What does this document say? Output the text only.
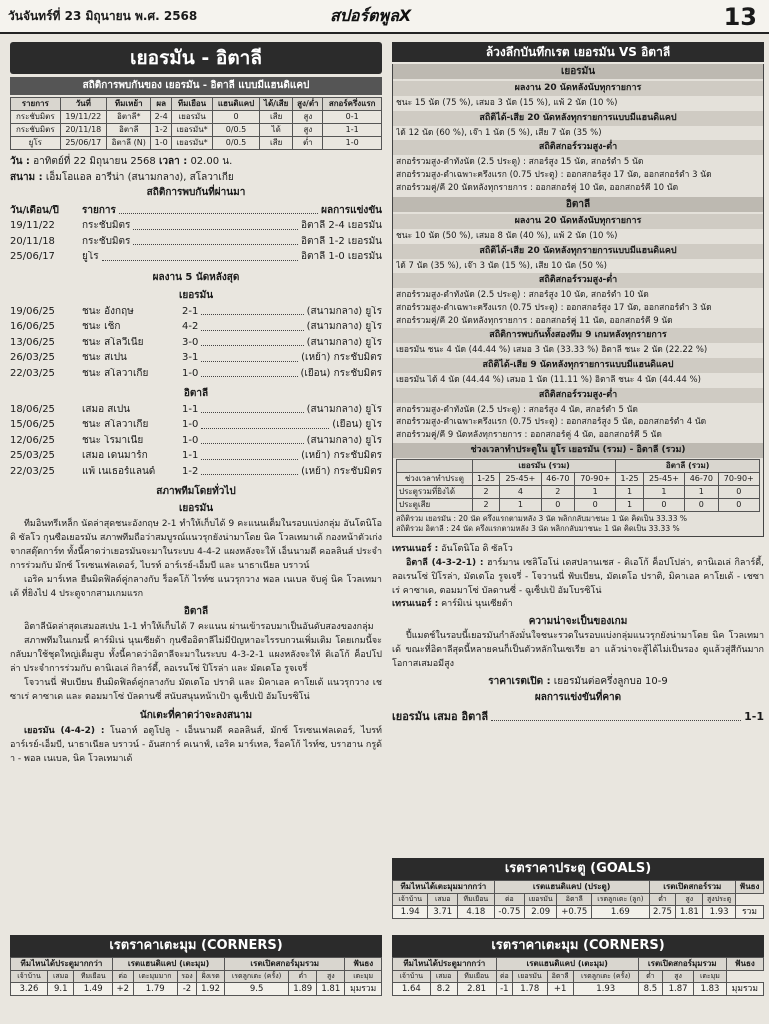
วันจันทร์ที่ 23 มิถุนายน พ.ศ. 2568	สปอร์ตพูลX	13
เยอรมัน - อิตาลี
สถิติการพบกันของ เยอรมัน - อิตาลี แบบมีแฮนดิแคป
รายการ	วันที่	ทีมเหย้า	ผล	ทีมเยือน	แฮนดิแคป	ได้/เสีย	สูง/ต่ำ	สกอร์ครึ่งแรก
กระชับมิตร	19/11/22	อิตาลี*	2-4	เยอรมัน	0	เสีย	สูง	0-1
กระชับมิตร	20/11/18	อิตาลี	1-2	เยอรมัน*	0/0.5	ได้	สูง	1-1
ยูโร	25/06/17	อิตาลี (N)	1-0	เยอรมัน*	0/0.5	เสีย	ต่ำ	1-0
วัน : อาทิตย์ที่ 22 มิถุนายน 2568 เวลา : 02.00 น.
สนาม : เอ็มโอแอล อารีน่า (สนามกลาง), สโลวาเกีย
สถิติการพบกันที่ผ่านมา
วัน/เดือน/ปี	รายการ	ผลการแข่งขัน
19/11/22	กระชับมิตร	อิตาลี 2-4 เยอรมัน
20/11/18	กระชับมิตร	อิตาลี 1-2 เยอรมัน
25/06/17	ยูโร	อิตาลี 1-0 เยอรมัน
ผลงาน 5 นัดหลังสุด
เยอรมัน
19/06/25	ชนะ อังกฤษ	2-1	(สนามกลาง) ยูโร
16/06/25	ชนะ เช็ก	4-2	(สนามกลาง) ยูโร
13/06/25	ชนะ สโลวีเนีย	3-0	(สนามกลาง) ยูโร
26/03/25	ชนะ สเปน	3-1	(เหย้า) กระชับมิตร
22/03/25	ชนะ สโลวาเกีย	1-0	(เยือน) กระชับมิตร
อิตาลี
18/06/25	เสมอ สเปน	1-1	(สนามกลาง) ยูโร
15/06/25	ชนะ สโลวาเกีย	1-0	(เยือน) ยูโร
12/06/25	ชนะ โรมาเนีย	1-0	(สนามกลาง) ยูโร
25/03/25	เสมอ เดนมาร์ก	1-1	(เหย้า) กระชับมิตร
22/03/25	แพ้ เนเธอร์แลนด์	1-2	(เหย้า) กระชับมิตร
สภาพทีมโดยทั่วไป
เยอรมัน

ทีมอินทรีเหล็ก นัดล่าสุดชนะอังกฤษ 2-1 ทำให้เก็บได้ 9 คะแนนเต็มในรอบแบ่งกลุ่ม อันโตนิโอ ดิ ซัลโว กุนซือเยอรมัน สภาพทีมถือว่าสมบูรณ์แนวรุกยังน่ามาโดย นิค โวลเทมาเด้ กองหน้าตัวเก่งจากสตุ๊ตการ์ท ทั้งนี้คาดว่าเยอรมันจะมาในระบบ 4-4-2 แผงหลังจะให้ เอ็นนามดี คอลลินส์ ประจำการร่วมกับ มักซ์ โรเซนเฟลเดอร์, ไบรท์ อาร์เรย์-เอ็มบี และ นาธาเนียล บราวน์

เอริค มาร์เทล ยืนมิดฟิลด์คู่กลางกับ ร็อคโก้ ไรท์ซ แนวรุกวาง พอล เนเบล จับคู่ นิค โวลเทมาเด้ ที่ยิงไป 4 ประตูจากสามเกมแรก

อิตาลี

อิตาลีนัดล่าสุดเสมอสเปน 1-1 ทำให้เก็บได้ 7 คะแนน ผ่านเข้ารอบมาเป็นอันดับสองของกลุ่ม

สภาพทีมในเกมนี้ คาร์มิเน่ นุนเซียต้า กุนซืออิตาลีไม่มีปัญหาอะไรรบกวนเพิ่มเติม โดยเกมนี้จะกลับมาใช้ชุดใหญ่เต็มสูบ ทั้งนี้คาดว่าอิตาลีจะมาในระบบ 4-3-2-1 แผงหลังจะให้ ดิเอโก้ ค็อปโปล่า ประจำการร่วมกับ ดานิเอเล่ กิลาร์ดี้, ลอเรนโซ่ ปิโรล่า และ มัตเตโอ รูจเจรี่

โจวานนี่ ฟับเบียน ยืนมิดฟิลด์คู่กลางกับ มัตเตโอ ปราติ และ มิคาเอล คาโยเด้ แนวรุกวาง เชซาเร่ คาซาเด และ ตอมมาโซ่ บัลดานซี่ สนับสนุนหน้าเป้า ฉูเซ็ปเป้ อัมโบรซิโน่

นักเตะที่คาดว่าจะลงสนาม

เยอรมัน (4-4-2) : โนอาห์ อตูโปลู - เอ็นนามดี คอลลินส์, มักซ์ โรเซนเฟลเดอร์, ไบรท์ อาร์เรย์-เอ็มบี, นาธาเนียล บราวน์ - อันสการ์ คเนาฟ์, เอริค มาร์เทล, ร็อคโก้ ไรท์ซ, บราฮาน กรูด้า - พอล เนเบล, นิค โวลเทมาเด้

เรตราคาเตะมุม (CORNERS)
ทีมไหนได้ประตูมากกว่า			เรตแฮนดิแคป (เตะมุม)				เรตเปิดสกอร์มุมรวม			ฟันธง
เจ้าบ้าน	เสมอ	ทีมเยือน	ต่อ	เตะมุมมาก	รอง	ฝั่งเรต	เรตลูกเตะ (ครั้ง)	ต่ำ	สูง	เตะมุม
3.26	9.1	1.49	+2	1.79	-2	1.92	9.5	1.89	1.81	มุมรวม
ล้วงลึกบันทึกเรต เยอรมัน VS อิตาลี
เยอรมัน
ผลงาน 20 นัดหลังนับทุกรายการ
ชนะ 15 นัด (75 %), เสมอ 3 นัด (15 %), แพ้ 2 นัด (10 %)
สถิติได้-เสีย 20 นัดหลังทุกรายการแบบมีแฮนดิแคป
ได้ 12 นัด (60 %), เจ๊า 1 นัด (5 %), เสีย 7 นัด (35 %)
สถิติสกอร์รวมสูง-ต่ำ
สกอร์รวมสูง-ต่ำทั้งนัด (2.5 ประตู) : สกอร์สูง 15 นัด, สกอร์ต่ำ 5 นัด
สกอร์รวมสูง-ต่ำเฉพาะครึ่งแรก (0.75 ประตู) : ออกสกอร์สูง 17 นัด, ออกสกอร์ต่ำ 3 นัด
สกอร์รวมคู่/คี่ 20 นัดหลังทุกรายการ : ออกสกอร์คู่ 10 นัด, ออกสกอร์คี่ 10 นัด
อิตาลี
ผลงาน 20 นัดหลังนับทุกรายการ
ชนะ 10 นัด (50 %), เสมอ 8 นัด (40 %), แพ้ 2 นัด (10 %)
สถิติได้-เสีย 20 นัดหลังทุกรายการแบบมีแฮนดิแคป
ได้ 7 นัด (35 %), เจ๊า 3 นัด (15 %), เสีย 10 นัด (50 %)
สถิติสกอร์รวมสูง-ต่ำ
สกอร์รวมสูง-ต่ำทั้งนัด (2.5 ประตู) : สกอร์สูง 10 นัด, สกอร์ต่ำ 10 นัด
สกอร์รวมสูง-ต่ำเฉพาะครึ่งแรก (0.75 ประตู) : ออกสกอร์สูง 17 นัด, ออกสกอร์ต่ำ 3 นัด
สกอร์รวมคู่/คี่ 20 นัดหลังทุกรายการ : ออกสกอร์คู่ 11 นัด, ออกสกอร์คี่ 9 นัด
สถิติการพบกันทั้งสองทีม 9 เกมหลังทุกรายการ
เยอรมัน ชนะ 4 นัด (44.44 %) เสมอ 3 นัด (33.33 %) อิตาลี ชนะ 2 นัด (22.22 %)
สถิติได้-เสีย 9 นัดหลังทุกรายการแบบมีแฮนดิแคป
เยอรมัน ได้ 4 นัด (44.44 %) เสมอ 1 นัด (11.11 %) อิตาลี ชนะ 4 นัด (44.44 %)
สถิติสกอร์รวมสูง-ต่ำ
สกอร์รวมสูง-ต่ำทั้งนัด (2.5 ประตู) : สกอร์สูง 4 นัด, สกอร์ต่ำ 5 นัด
สกอร์รวมสูง-ต่ำเฉพาะครึ่งแรก (0.75 ประตู) : ออกสกอร์สูง 5 นัด, ออกสกอร์ต่ำ 4 นัด
สกอร์รวมคู่/คี่ 9 นัดหลังทุกรายการ : ออกสกอร์คู่ 4 นัด, ออกสกอร์คี่ 5 นัด
ช่วงเวลาทำประตูใน ยูโร เยอรมัน (รวม) - อิตาลี (รวม)
	เยอรมัน (รวม)				อิตาลี (รวม)			
ช่วงเวลาทำประตู	1-25	25-45+	46-70	70-90+	1-25	25-45+	46-70	70-90+
ประตูรวมที่ยิงได้	2	4	2	1	1	1	1	0
ประตูเสีย	2	1	0	0	1	0	0	0
สถิติรวม เยอรมัน : 20 นัด ครึ่งแรกตามหลัง 3 นัด พลิกกลับมาชนะ 1 นัด คิดเป็น 33.33 %
สถิติรวม อิตาลี : 24 นัด ครึ่งแรกตามหลัง 3 นัด พลิกกลับมาชนะ 1 นัด คิดเป็น 33.33 %
เทรนเนอร์ : อันโตนิโอ ดิ ซัลโว

อิตาลี (4-3-2-1) : ฮาร์มาน เซลิโอโน่ เดสปลานเชส - ดิเอโก้ ค็อปโปล่า, ดานิเอเล่ กิลาร์ดี้, ลอเรนโซ่ ปิโรล่า, มัตเตโอ รูจเจรี่ - โจวานนี่ ฟับเบียน, มัตเตโอ ปราติ, มิคาเอล คาโยเด้ - เชซาเร่ คาซาเด, ตอมมาโซ่ บัลดานซี่ - ฉูเซ็ปเป้ อัมโบรซิโน่

เทรนเนอร์ : คาร์มิเน่ นุนเซียต้า
ความน่าจะเป็นของเกม

ปี้แมตช์ในรอบนี้เยอรมันกำลังมั่นใจชนะรวดในรอบแบ่งกลุ่มแนวรุกยังน่ามาโดย นิค โวลเทมาเด้ ขณะที่อิตาลีสุดนี้หลายคนก็เป็นตัวหลักในเซเรีย อา แล้วน่าจะสู้ได้ไม่เป็นรอง ดูแล้วสู่สีกันมากโอกาสเสมอมีสูง

ราคาเรตเปิด : เยอรมันต่อครึ่งลูกบอ 10-9
ผลการแข่งขันที่คาด
เยอรมัน เสมอ อิตาลี	1-1
เรตราคาประตู (GOALS)
ทีมไหนได้เตะมุมมากกว่า			เรตแฮนดิแคป (ประตู)				เรตเปิดสกอร์รวม			ฟันธง
เจ้าบ้าน	เสมอ	ทีมเยือน	ต่อ	เยอรมัน	อิตาลี	เรตลูกเตะ (ลูก)	ต่ำ	สูง	สูงประตู	
1.94	3.71	4.18	-0.75	2.09	+0.75	1.69	2.75	1.81	1.93	รวม
เรตราคาเตะมุม (CORNERS)
ทีมไหนได้ประตูมากกว่า			เรตแฮนดิแคป (เตะมุม)				เรตเปิดสกอร์มุมรวม			ฟันธง
เจ้าบ้าน	เสมอ	ทีมเยือน	ต่อ	เยอรมัน	อิตาลี	เรตลูกเตะ (ครั้ง)	ต่ำ	สูง	เตะมุม	
1.64	8.2	2.81	-1	1.78	+1	1.93	8.5	1.87	1.83	มุมรวม
